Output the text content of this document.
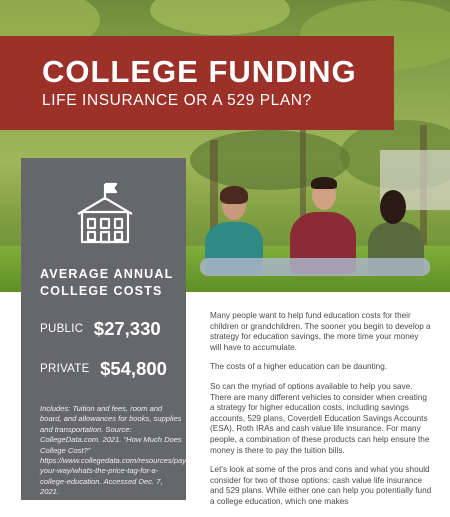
COLLEGE FUNDING
LIFE INSURANCE OR A 529 PLAN?
AVERAGE ANNUAL
COLLEGE COSTS
PUBLIC $27,330
PRIVATE $54,800
Includes: Tuition and fees, room and board, and allowances for books, supplies and transportation. Source: CollegeData.com. 2021. “How Much Does College Cost?” https://www.collegedata.com/resources/pay-your-way/whats-the-price-tag-for-a-college-education. Accessed Dec. 7, 2021.

Many people want to help fund education costs for their children or grandchildren. The sooner you begin to develop a strategy for education savings, the more time your money will have to accumulate.

The costs of a higher education can be daunting.

So can the myriad of options available to help you save. There are many different vehicles to consider when creating a strategy for higher education costs, including savings accounts, 529 plans, Coverdell Education Savings Accounts (ESA), Roth IRAs and cash value life insurance. For many people, a combination of these products can help ensure the money is there to pay the tuition bills.

Let's look at some of the pros and cons and what you should consider for two of those options: cash value life insurance and 529 plans. While either one can help you potentially fund a college education, which one makes
